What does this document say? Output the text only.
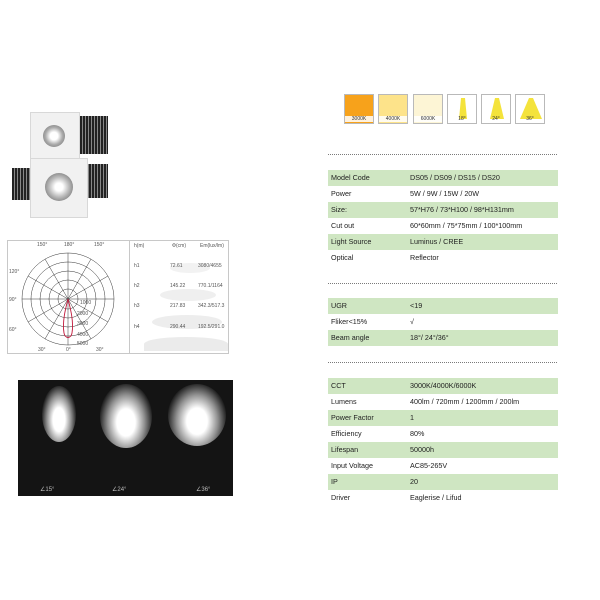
3000K	4000K	6000K	18°	24°	36°
Model Code	DS05 / DS09 / DS15 / DS20
Power	5W / 9W / 15W / 20W
Size:	57*H76 / 73*H100 / 98*H131mm
Cut out	60*60mm / 75*75mm / 100*100mm
Light Source	Luminus / CREE
Optical	Reflector
UGR	<19
Fliker<15%	√
Beam angle	18°/ 24°/36°
CCT	3000K/4000K/6000K
Lumens	400lm / 720mm / 1200mm / 200lm
Power Factor	1
Efficiency	80%
Lifespan	50000h
Input Voltage	AC85-265V
IP	20
Driver	Eaglerise / Lifud
150°	180°	150°
120°
90°
60°
30°	0°	30°
1000
2000
3000
4000
5000
h(m)	Φ(cm)	Em(lux/lm)
h1	72.61	3080/4655
h2	145.22	770.1/1164
h3	217.83	342.3/517.3
h4	290.44	192.5/291.0
∠15°	∠24°	∠36°
